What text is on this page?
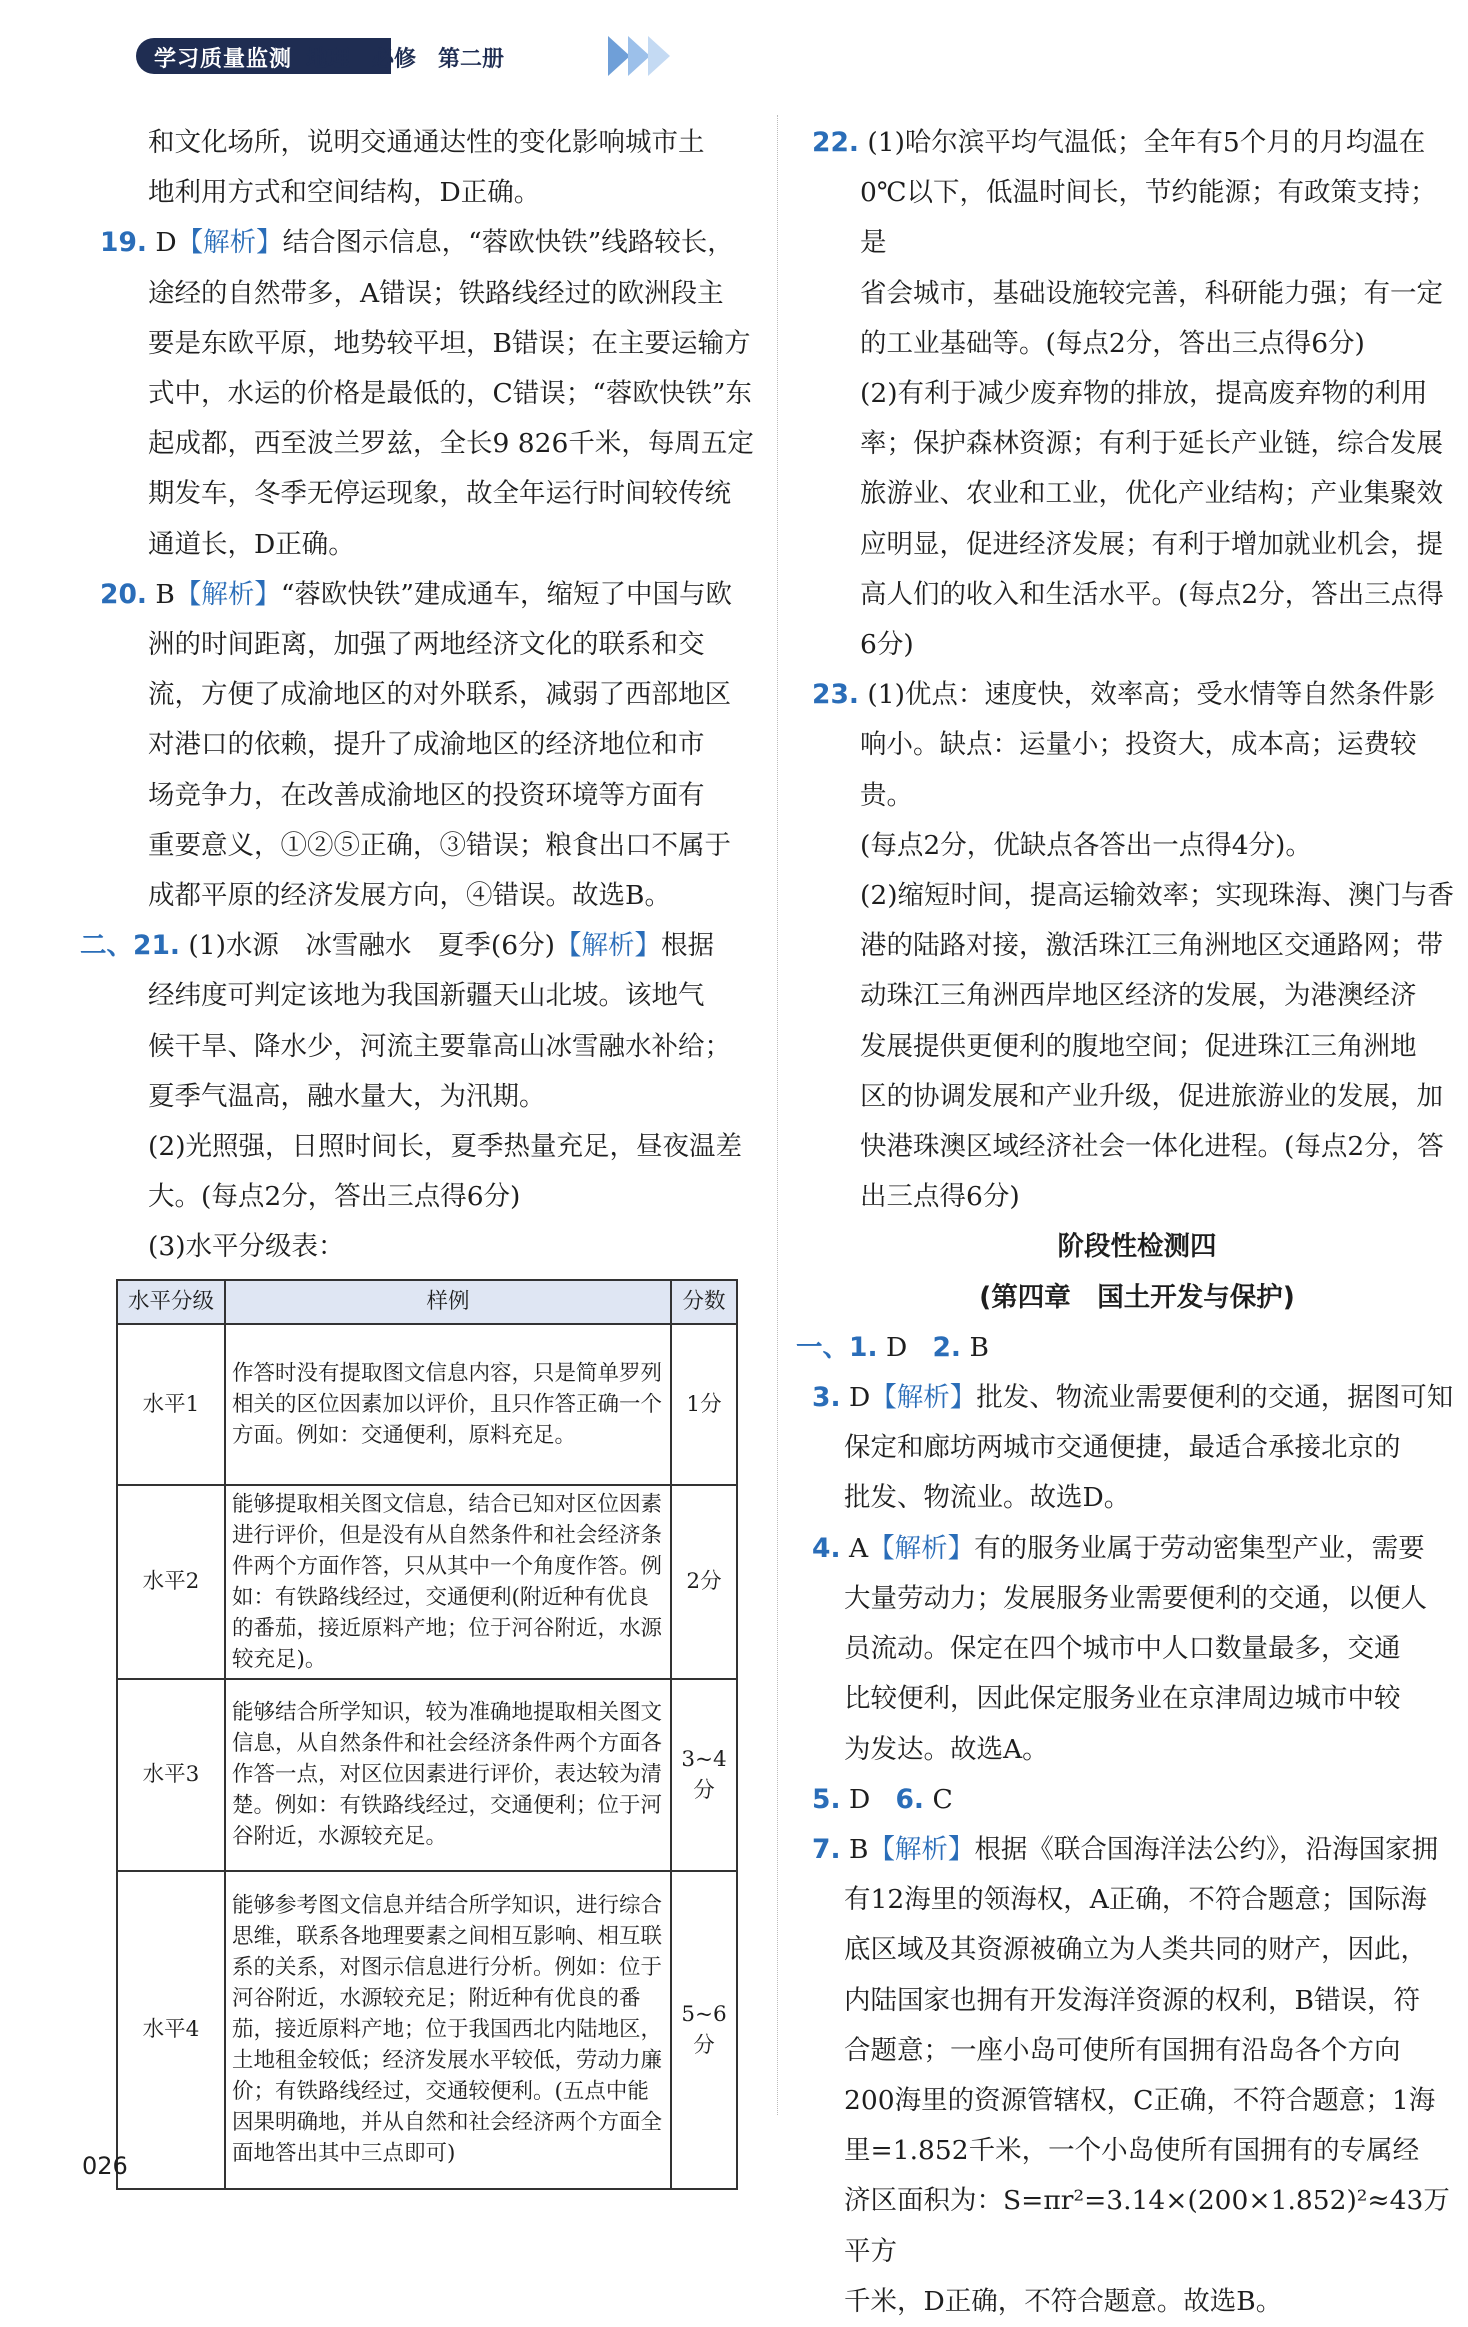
学习质量监测 地理　必修　第二册

和文化场所，说明交通通达性的变化影响城市土
地利用方式和空间结构，D正确。

19. D【解析】结合图示信息，“蓉欧快铁”线路较长，
途经的自然带多，A错误；铁路线经过的欧洲段主
要是东欧平原，地势较平坦，B错误；在主要运输方
式中，水运的价格是最低的，C错误；“蓉欧快铁”东
起成都，西至波兰罗兹，全长9 826千米，每周五定
期发车，冬季无停运现象，故全年运行时间较传统
通道长，D正确。

20. B【解析】“蓉欧快铁”建成通车，缩短了中国与欧
洲的时间距离，加强了两地经济文化的联系和交
流，方便了成渝地区的对外联系，减弱了西部地区
对港口的依赖，提升了成渝地区的经济地位和市
场竞争力，在改善成渝地区的投资环境等方面有
重要意义，①②⑤正确，③错误；粮食出口不属于
成都平原的经济发展方向，④错误。故选B。

二、21. (1)水源　冰雪融水　夏季(6分)【解析】根据
经纬度可判定该地为我国新疆天山北坡。该地气
候干旱、降水少，河流主要靠高山冰雪融水补给；
夏季气温高，融水量大，为汛期。
(2)光照强，日照时间长，夏季热量充足，昼夜温差
大。(每点2分，答出三点得6分)
(3)水平分级表：

水平分级	样例	分数
水平1	作答时没有提取图文信息内容，只是简单罗列相关的区位因素加以评价，且只作答正确一个方面。例如：交通便利，原料充足。	1分
水平2	能够提取相关图文信息，结合已知对区位因素进行评价，但是没有从自然条件和社会经济条件两个方面作答，只从其中一个角度作答。例如：有铁路线经过，交通便利(附近种有优良的番茄，接近原料产地；位于河谷附近，水源较充足)。	2分
水平3	能够结合所学知识，较为准确地提取相关图文信息，从自然条件和社会经济条件两个方面各作答一点，对区位因素进行评价，表达较为清楚。例如：有铁路线经过，交通便利；位于河谷附近，水源较充足。	3~4分
水平4	能够参考图文信息并结合所学知识，进行综合思维，联系各地理要素之间相互影响、相互联系的关系，对图示信息进行分析。例如：位于河谷附近，水源较充足；附近种有优良的番茄，接近原料产地；位于我国西北内陆地区，土地租金较低；经济发展水平较低，劳动力廉价；有铁路线经过，交通较便利。(五点中能因果明确地，并从自然和社会经济两个方面全面地答出其中三点即可)	5~6分

22. (1)哈尔滨平均气温低；全年有5个月的月均温在
0℃以下，低温时间长，节约能源；有政策支持；是
省会城市，基础设施较完善，科研能力强；有一定
的工业基础等。(每点2分，答出三点得6分)
(2)有利于减少废弃物的排放，提高废弃物的利用
率；保护森林资源；有利于延长产业链，综合发展
旅游业、农业和工业，优化产业结构；产业集聚效
应明显，促进经济发展；有利于增加就业机会，提
高人们的收入和生活水平。(每点2分，答出三点得
6分)

23. (1)优点：速度快，效率高；受水情等自然条件影
响小。缺点：运量小；投资大，成本高；运费较贵。
(每点2分，优缺点各答出一点得4分)。
(2)缩短时间，提高运输效率；实现珠海、澳门与香
港的陆路对接，激活珠江三角洲地区交通路网；带
动珠江三角洲西岸地区经济的发展，为港澳经济
发展提供更便利的腹地空间；促进珠江三角洲地
区的协调发展和产业升级，促进旅游业的发展，加
快港珠澳区域经济社会一体化进程。(每点2分，答
出三点得6分)

阶段性检测四

(第四章　国土开发与保护)

一、1. D 2. B

3. D【解析】批发、物流业需要便利的交通，据图可知
保定和廊坊两城市交通便捷，最适合承接北京的
批发、物流业。故选D。

4. A【解析】有的服务业属于劳动密集型产业，需要
大量劳动力；发展服务业需要便利的交通，以便人
员流动。保定在四个城市中人口数量最多，交通
比较便利，因此保定服务业在京津周边城市中较
为发达。故选A。

5. D 6. C

7. B【解析】根据《联合国海洋法公约》，沿海国家拥
有12海里的领海权，A正确，不符合题意；国际海
底区域及其资源被确立为人类共同的财产，因此，
内陆国家也拥有开发海洋资源的权利，B错误，符
合题意；一座小岛可使所有国拥有沿岛各个方向
200海里的资源管辖权，C正确，不符合题意；1海
里=1.852千米，一个小岛使所有国拥有的专属经
济区面积为：S=πr²=3.14×(200×1.852)²≈43万平方
千米，D正确，不符合题意。故选B。

026
